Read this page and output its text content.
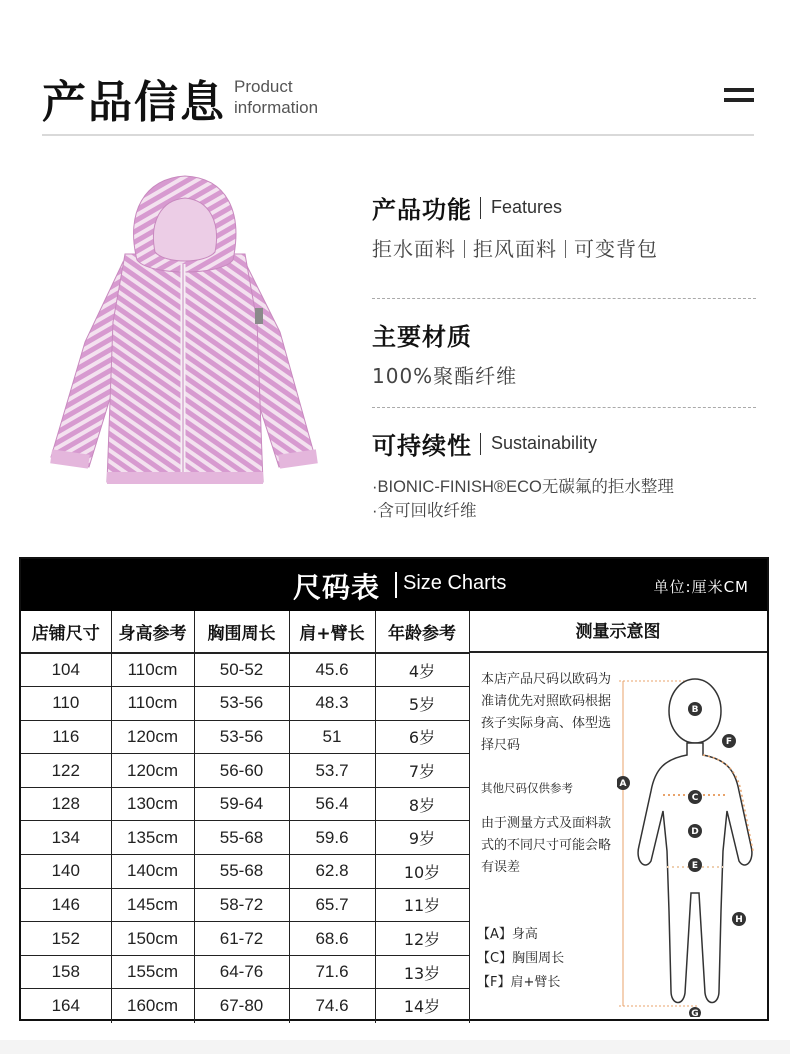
产品信息 Product
information
产品功能 Features
拒水面料 拒风面料 可变背包
主要材质
100%聚酯纤维
可持续性 Sustainability
·BIONIC-FINISH®ECO无碳氟的拒水整理
·含可回收纤维
尺码表 Size Charts	单位:厘米CM
店铺尺寸	身高参考	胸围周长	肩+臂长	年龄参考
104	110cm	50-52	45.6	4岁
110	110cm	53-56	48.3	5岁
116	120cm	53-56	51	6岁
122	120cm	56-60	53.7	7岁
128	130cm	59-64	56.4	8岁
134	135cm	55-68	59.6	9岁
140	140cm	55-68	62.8	10岁
146	145cm	58-72	65.7	11岁
152	150cm	61-72	68.6	12岁
158	155cm	64-76	71.6	13岁
164	160cm	67-80	74.6	14岁
测量示意图
本店产品尺码以欧码为准请优先对照欧码根据孩子实际身高、体型选择尺码
其他尺码仅供参考
由于测量方式及面料款式的不同尺寸可能会略有误差
【A】身高
【C】胸围周长
【F】肩+臂长
A
B
C
D
E
F
G
H
